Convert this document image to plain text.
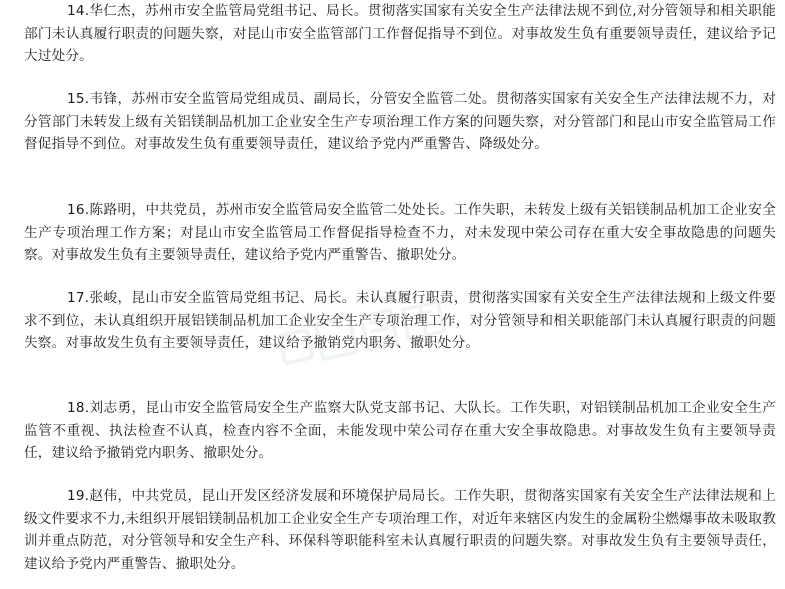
14.华仁杰，苏州市安全监管局党组书记、局长。贯彻落实国家有关安全生产法律法规不到位,对分管领导和相关职能部门未认真履行职责的问题失察，对昆山市安全监管部门工作督促指导不到位。对事故发生负有重要领导责任，建议给予记大过处分。

15.韦锋，苏州市安全监管局党组成员、副局长，分管安全监管二处。贯彻落实国家有关安全生产法律法规不力，对分管部门未转发上级有关铝镁制品机加工企业安全生产专项治理工作方案的问题失察，对分管部门和昆山市安全监管局工作督促指导不到位。对事故发生负有重要领导责任，建议给予党内严重警告、降级处分。

16.陈路明，中共党员，苏州市安全监管局安全监管二处处长。工作失职，未转发上级有关铝镁制品机加工企业安全生产专项治理工作方案；对昆山市安全监管局工作督促指导检查不力，对未发现中荣公司存在重大安全事故隐患的问题失察。对事故发生负有主要领导责任，建议给予党内严重警告、撤职处分。

17.张峻，昆山市安全监管局党组书记、局长。未认真履行职责，贯彻落实国家有关安全生产法律法规和上级文件要求不到位，未认真组织开展铝镁制品机加工企业安全生产专项治理工作，对分管领导和相关职能部门未认真履行职责的问题失察。对事故发生负有主要领导责任，建议给予撤销党内职务、撤职处分。

18.刘志勇，昆山市安全监管局安全生产监察大队党支部书记、大队长。工作失职，对铝镁制品机加工企业安全生产监管不重视、执法检查不认真，检查内容不全面，未能发现中荣公司存在重大安全事故隐患。对事故发生负有主要领导责任，建议给予撤销党内职务、撤职处分。

19.赵伟，中共党员，昆山开发区经济发展和环境保护局局长。工作失职，贯彻落实国家有关安全生产法律法规和上级文件要求不力,未组织开展铝镁制品机加工企业安全生产专项治理工作，对近年来辖区内发生的金属粉尘燃爆事故未吸取教训并重点防范，对分管领导和安全生产科、环保科等职能科室未认真履行职责的问题失察。对事故发生负有主要领导责任，建议给予党内严重警告、撤职处分。
